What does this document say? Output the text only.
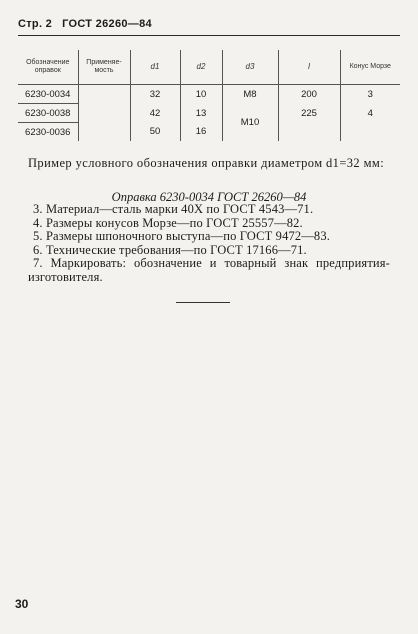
Стр. 2 ГОСТ 26260—84
Обозначение оправок	Применяе-мость	d1	d2	d3	l	Конус Морзе
6230-0034		32	10	M8	200	3
6230-0038		42	13	M10	225	4
6230-0036		50	16			

Пример условного обозначения оправки диаметром d1=32 мм:

Оправка 6230-0034 ГОСТ 26260—84

3. Материал—сталь марки 40Х по ГОСТ 4543—71.

4. Размеры конусов Морзе—по ГОСТ 25557—82.

5. Размеры шпоночного выступа—по ГОСТ 9472—83.

6. Технические требования—по ГОСТ 17166—71.

7. Маркировать: обозначение и товарный знак предприятия-изготовителя.

30
